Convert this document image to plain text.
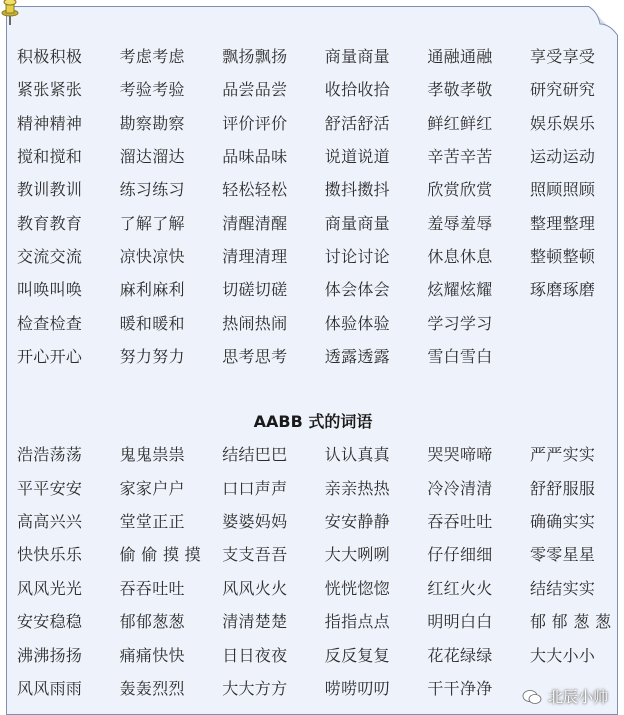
积极积极	考虑考虑	飘扬飘扬	商量商量	通融通融	享受享受
紧张紧张	考验考验	品尝品尝	收拾收拾	孝敬孝敬	研究研究
精神精神	勘察勘察	评价评价	舒活舒活	鲜红鲜红	娱乐娱乐
搅和搅和	溜达溜达	品味品味	说道说道	辛苦辛苦	运动运动
教训教训	练习练习	轻松轻松	擞抖擞抖	欣赏欣赏	照顾照顾
教育教育	了解了解	清醒清醒	商量商量	羞辱羞辱	整理整理
交流交流	凉快凉快	清理清理	讨论讨论	休息休息	整顿整顿
叫唤叫唤	麻利麻利	切磋切磋	体会体会	炫耀炫耀	琢磨琢磨
检查检查	暖和暖和	热闹热闹	体验体验	学习学习
开心开心	努力努力	思考思考	透露透露	雪白雪白
AABB 式的词语
浩浩荡荡	鬼鬼祟祟	结结巴巴	认认真真	哭哭啼啼	严严实实
平平安安	家家户户	口口声声	亲亲热热	冷冷清清	舒舒服服
高高兴兴	堂堂正正	婆婆妈妈	安安静静	吞吞吐吐	确确实实
快快乐乐	偷 偷 摸 摸	支支吾吾	大大咧咧	仔仔细细	零零星星
风风光光	吞吞吐吐	风风火火	恍恍惚惚	红红火火	结结实实
安安稳稳	郁郁葱葱	清清楚楚	指指点点	明明白白	郁 郁 葱 葱
沸沸扬扬	痛痛快快	日日夜夜	反反复复	花花绿绿	大大小小
风风雨雨	轰轰烈烈	大大方方	唠唠叨叨	干干净净	北辰小帅
